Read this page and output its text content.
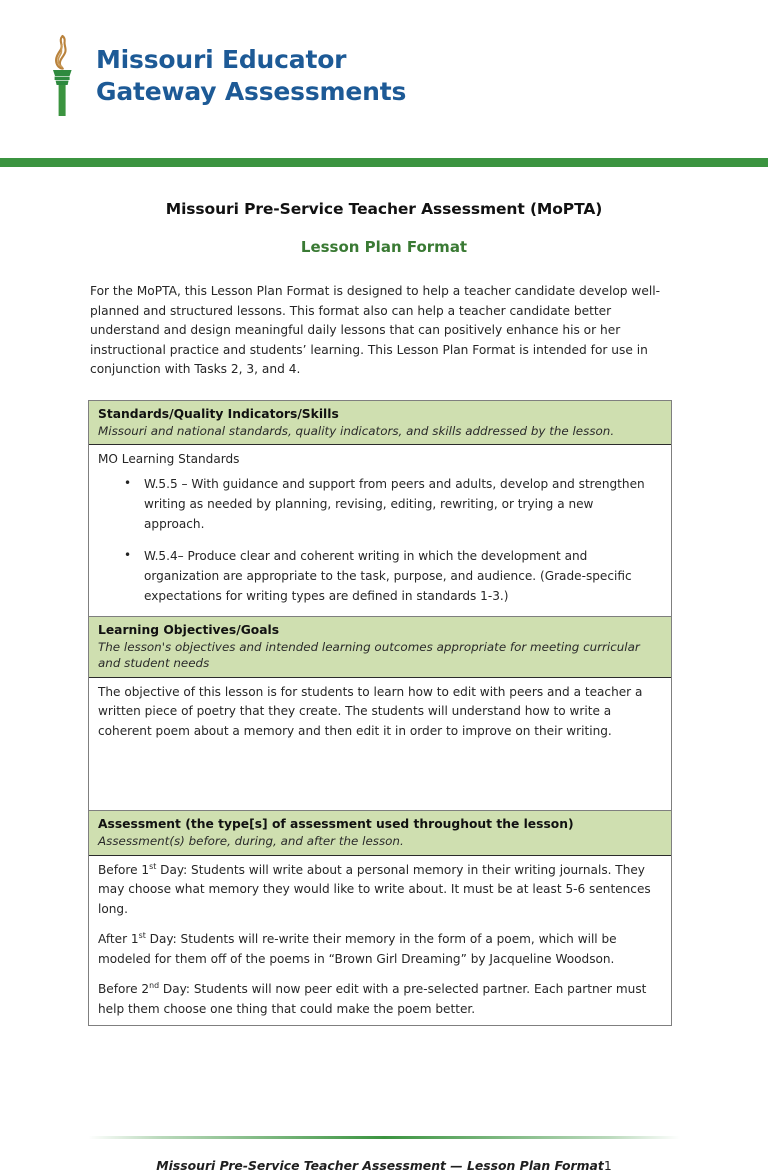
Missouri Educator
Gateway Assessments
Missouri Pre-Service Teacher Assessment (MoPTA)
Lesson Plan Format
For the MoPTA, this Lesson Plan Format is designed to help a teacher candidate develop well-planned and structured lessons. This format also can help a teacher candidate better understand and design meaningful daily lessons that can positively enhance his or her instructional practice and students’ learning. This Lesson Plan Format is intended for use in conjunction with Tasks 2, 3, and 4.
Standards/Quality Indicators/Skills
Missouri and national standards, quality indicators, and skills addressed by the lesson.
MO Learning Standards
• W.5.5 – With guidance and support from peers and adults, develop and strengthen writing as needed by planning, revising, editing, rewriting, or trying a new approach.
• W.5.4– Produce clear and coherent writing in which the development and organization are appropriate to the task, purpose, and audience. (Grade-specific expectations for writing types are defined in standards 1-3.)
Learning Objectives/Goals
The lesson's objectives and intended learning outcomes appropriate for meeting curricular and student needs

The objective of this lesson is for students to learn how to edit with peers and a teacher a written piece of poetry that they create. The students will understand how to write a coherent poem about a memory and then edit it in order to improve on their writing.

Assessment (the type[s] of assessment used throughout the lesson)
Assessment(s) before, during, and after the lesson.

Before 1st Day: Students will write about a personal memory in their writing journals. They may choose what memory they would like to write about. It must be at least 5-6 sentences long.

After 1st Day: Students will re-write their memory in the form of a poem, which will be modeled for them off of the poems in “Brown Girl Dreaming” by Jacqueline Woodson.

Before 2nd Day: Students will now peer edit with a pre-selected partner. Each partner must help them choose one thing that could make the poem better.

Missouri Pre-Service Teacher Assessment — Lesson Plan Format1
